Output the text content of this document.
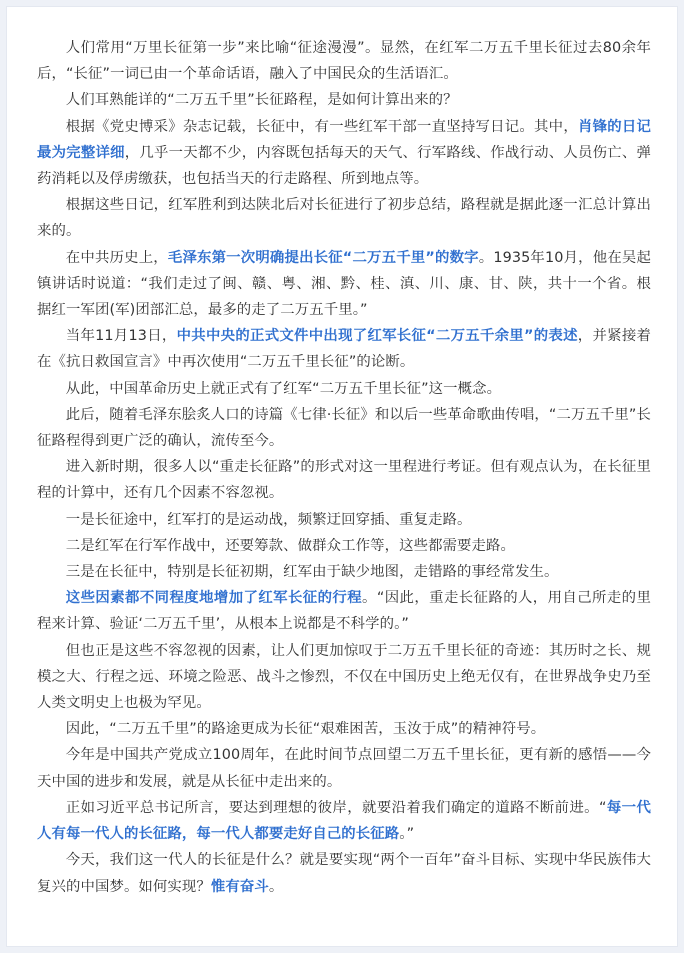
人们常用“万里长征第一步”来比喻“征途漫漫”。显然，在红军二万五千里长征过去80余年后，“长征”一词已由一个革命话语，融入了中国民众的生活语汇。

人们耳熟能详的“二万五千里”长征路程，是如何计算出来的？

根据《党史博采》杂志记载，长征中，有一些红军干部一直坚持写日记。其中，肖锋的日记最为完整详细，几乎一天都不少，内容既包括每天的天气、行军路线、作战行动、人员伤亡、弹药消耗以及俘虏缴获，也包括当天的行走路程、所到地点等。

根据这些日记，红军胜利到达陕北后对长征进行了初步总结，路程就是据此逐一汇总计算出来的。

在中共历史上，毛泽东第一次明确提出长征“二万五千里”的数字。1935年10月，他在吴起镇讲话时说道：“我们走过了闽、赣、粤、湘、黔、桂、滇、川、康、甘、陕，共十一个省。根据红一军团(军)团部汇总，最多的走了二万五千里。”

当年11月13日，中共中央的正式文件中出现了红军长征“二万五千余里”的表述，并紧接着在《抗日救国宣言》中再次使用“二万五千里长征”的论断。

从此，中国革命历史上就正式有了红军“二万五千里长征”这一概念。

此后，随着毛泽东脍炙人口的诗篇《七律·长征》和以后一些革命歌曲传唱，“二万五千里”长征路程得到更广泛的确认，流传至今。

进入新时期，很多人以“重走长征路”的形式对这一里程进行考证。但有观点认为，在长征里程的计算中，还有几个因素不容忽视。

一是长征途中，红军打的是运动战，频繁迂回穿插、重复走路。

二是红军在行军作战中，还要筹款、做群众工作等，这些都需要走路。

三是在长征中，特别是长征初期，红军由于缺少地图，走错路的事经常发生。

这些因素都不同程度地增加了红军长征的行程。“因此，重走长征路的人，用自己所走的里程来计算、验证‘二万五千里’，从根本上说都是不科学的。”

但也正是这些不容忽视的因素，让人们更加惊叹于二万五千里长征的奇迹：其历时之长、规模之大、行程之远、环境之险恶、战斗之惨烈，不仅在中国历史上绝无仅有，在世界战争史乃至人类文明史上也极为罕见。

因此，“二万五千里”的路途更成为长征“艰难困苦，玉汝于成”的精神符号。

今年是中国共产党成立100周年，在此时间节点回望二万五千里长征，更有新的感悟——今天中国的进步和发展，就是从长征中走出来的。

正如习近平总书记所言，要达到理想的彼岸，就要沿着我们确定的道路不断前进。“每一代人有每一代人的长征路，每一代人都要走好自己的长征路。”

今天，我们这一代人的长征是什么？就是要实现“两个一百年”奋斗目标、实现中华民族伟大复兴的中国梦。如何实现？惟有奋斗。
